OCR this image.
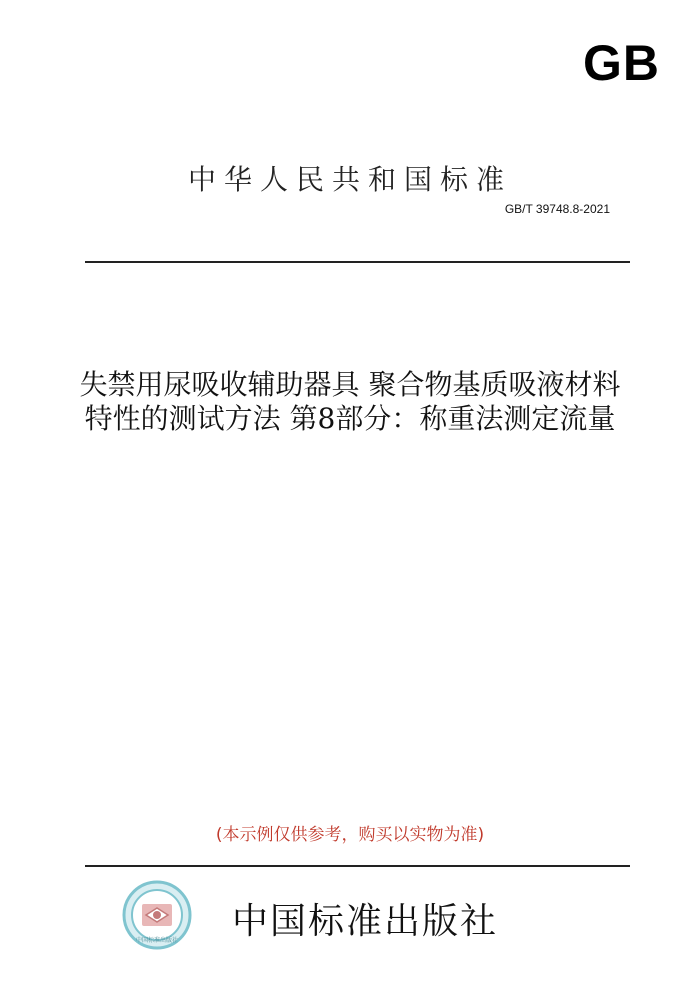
GB
中华人民共和国标准
GB/T 39748.8-2021
失禁用尿吸收辅助器具 聚合物基质吸液材料
特性的测试方法 第8部分：称重法测定流量
(本示例仅供参考，购买以实物为准)
中国标准出版社 中国标准出版社
